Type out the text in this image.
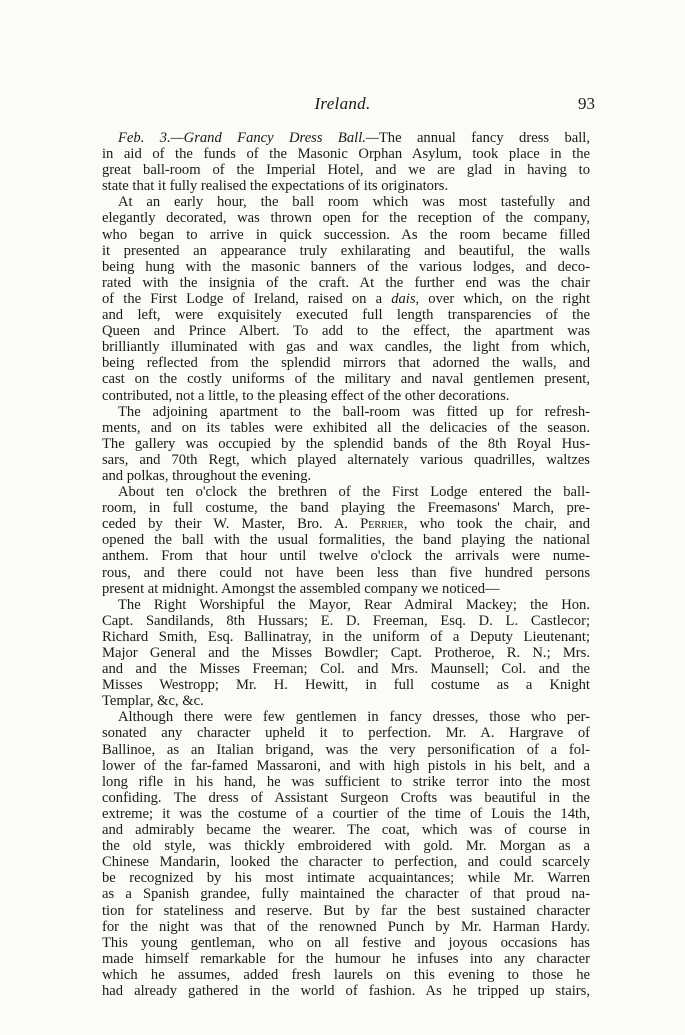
Ireland.	93
Feb. 3.—Grand Fancy Dress Ball.—The annual fancy dress ball,
in aid of the funds of the Masonic Orphan Asylum, took place in the
great ball-room of the Imperial Hotel, and we are glad in having to
state that it fully realised the expectations of its originators.
At an early hour, the ball room which was most tastefully and
elegantly decorated, was thrown open for the reception of the company,
who began to arrive in quick succession. As the room became filled
it presented an appearance truly exhilarating and beautiful, the walls
being hung with the masonic banners of the various lodges, and deco-
rated with the insignia of the craft. At the further end was the chair
of the First Lodge of Ireland, raised on a dais, over which, on the right
and left, were exquisitely executed full length transparencies of the
Queen and Prince Albert. To add to the effect, the apartment was
brilliantly illuminated with gas and wax candles, the light from which,
being reflected from the splendid mirrors that adorned the walls, and
cast on the costly uniforms of the military and naval gentlemen present,
contributed, not a little, to the pleasing effect of the other decorations.
The adjoining apartment to the ball-room was fitted up for refresh-
ments, and on its tables were exhibited all the delicacies of the season.
The gallery was occupied by the splendid bands of the 8th Royal Hus-
sars, and 70th Regt, which played alternately various quadrilles, waltzes
and polkas, throughout the evening.
About ten o'clock the brethren of the First Lodge entered the ball-
room, in full costume, the band playing the Freemasons' March, pre-
ceded by their W. Master, Bro. A. Perrier, who took the chair, and
opened the ball with the usual formalities, the band playing the national
anthem. From that hour until twelve o'clock the arrivals were nume-
rous, and there could not have been less than five hundred persons
present at midnight. Amongst the assembled company we noticed—
The Right Worshipful the Mayor, Rear Admiral Mackey; the Hon.
Capt. Sandilands, 8th Hussars; E. D. Freeman, Esq. D. L. Castlecor;
Richard Smith, Esq. Ballinatray, in the uniform of a Deputy Lieutenant;
Major General and the Misses Bowdler; Capt. Protheroe, R. N.; Mrs.
and and the Misses Freeman; Col. and Mrs. Maunsell; Col. and the
Misses Westropp; Mr. H. Hewitt, in full costume as a Knight
Templar, &c, &c.
Although there were few gentlemen in fancy dresses, those who per-
sonated any character upheld it to perfection. Mr. A. Hargrave of
Ballinoe, as an Italian brigand, was the very personification of a fol-
lower of the far-famed Massaroni, and with high pistols in his belt, and a
long rifle in his hand, he was sufficient to strike terror into the most
confiding. The dress of Assistant Surgeon Crofts was beautiful in the
extreme; it was the costume of a courtier of the time of Louis the 14th,
and admirably became the wearer. The coat, which was of course in
the old style, was thickly embroidered with gold. Mr. Morgan as a
Chinese Mandarin, looked the character to perfection, and could scarcely
be recognized by his most intimate acquaintances; while Mr. Warren
as a Spanish grandee, fully maintained the character of that proud na-
tion for stateliness and reserve. But by far the best sustained character
for the night was that of the renowned Punch by Mr. Harman Hardy.
This young gentleman, who on all festive and joyous occasions has
made himself remarkable for the humour he infuses into any character
which he assumes, added fresh laurels on this evening to those he
had already gathered in the world of fashion. As he tripped up stairs,
